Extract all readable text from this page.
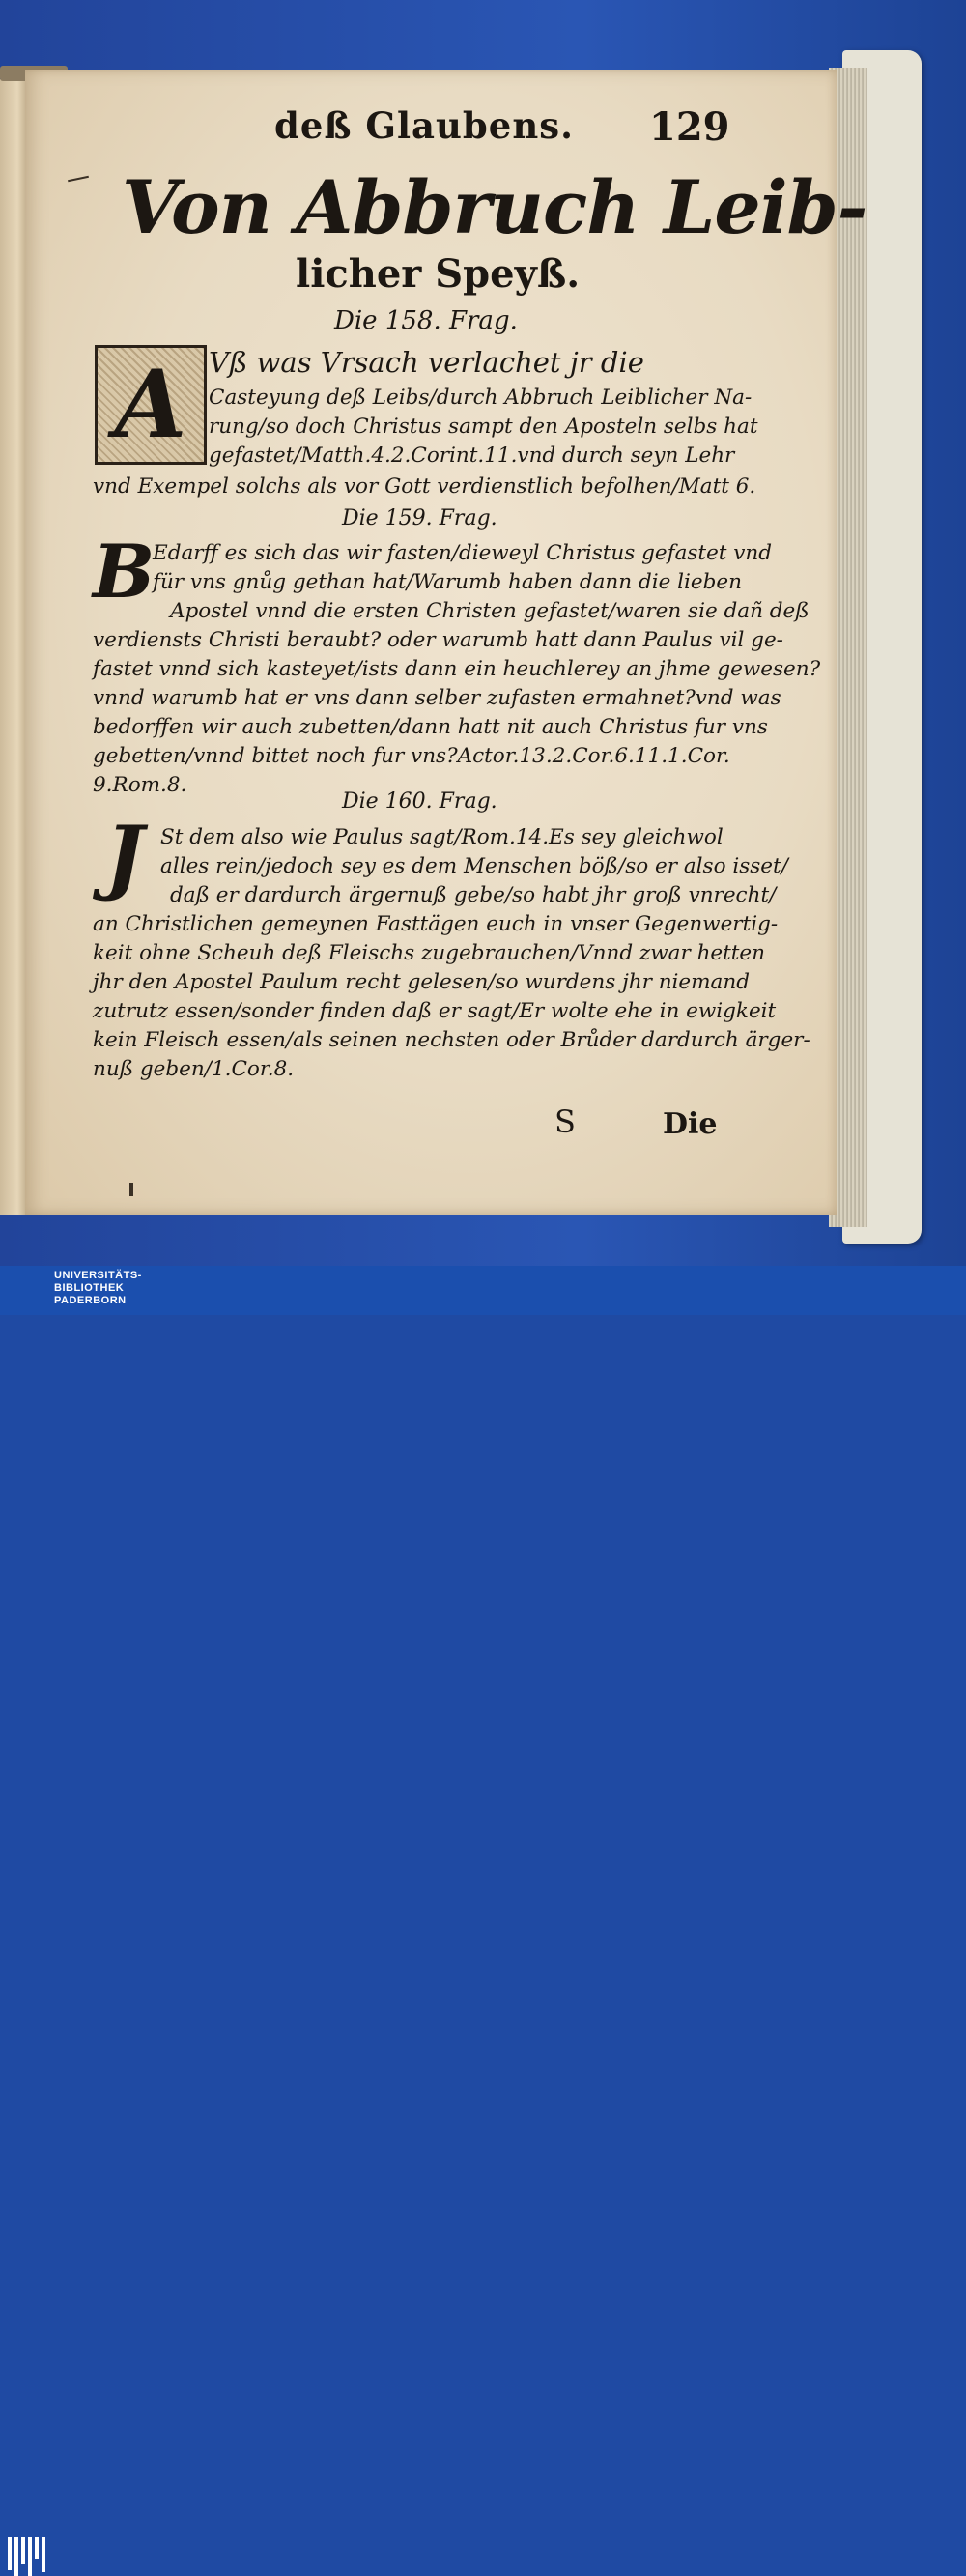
deß Glaubens. 129
Von Abbruch Leib-
licher Speyß.
Die 158. Frag.
A Vß was Vrsach verlachet jr die
Casteyung deß Leibs/durch Abbruch Leiblicher Na-
rung/so doch Christus sampt den Aposteln selbs hat
gefastet/Matth.4.2.Corint.11.vnd durch seyn Lehr
vnd Exempel solchs als vor Gott verdienstlich befolhen/Matt 6.
Die 159. Frag.
B
Edarff es sich das wir fasten/dieweyl Christus gefastet vnd
für vns gnůg gethan hat/Warumb haben dann die lieben
Apostel vnnd die ersten Christen gefastet/waren sie dañ deß
verdiensts Christi beraubt? oder warumb hatt dann Paulus vil ge-
fastet vnnd sich kasteyet/ists dann ein heuchlerey an jhme gewesen?
vnnd warumb hat er vns dann selber zufasten ermahnet?vnd was
bedorffen wir auch zubetten/dann hatt nit auch Christus fur vns
gebetten/vnnd bittet noch fur vns?Actor.13.2.Cor.6.11.1.Cor.
9.Rom.8.
Die 160. Frag.
J St dem also wie Paulus sagt/Rom.14.Es sey gleichwol
alles rein/jedoch sey es dem Menschen böß/so er also isset/
daß er dardurch ärgernuß gebe/so habt jhr groß vnrecht/
an Christlichen gemeynen Fasttägen euch in vnser Gegenwertig-
keit ohne Scheuh deß Fleischs zugebrauchen/Vnnd zwar hetten
jhr den Apostel Paulum recht gelesen/so wurdens jhr niemand
zutrutz essen/sonder finden daß er sagt/Er wolte ehe in ewigkeit
kein Fleisch essen/als seinen nechsten oder Brůder dardurch ärger-
nuß geben/1.Cor.8.
S	Die
UNIVERSITÄTS-
BIBLIOTHEK
PADERBORN
